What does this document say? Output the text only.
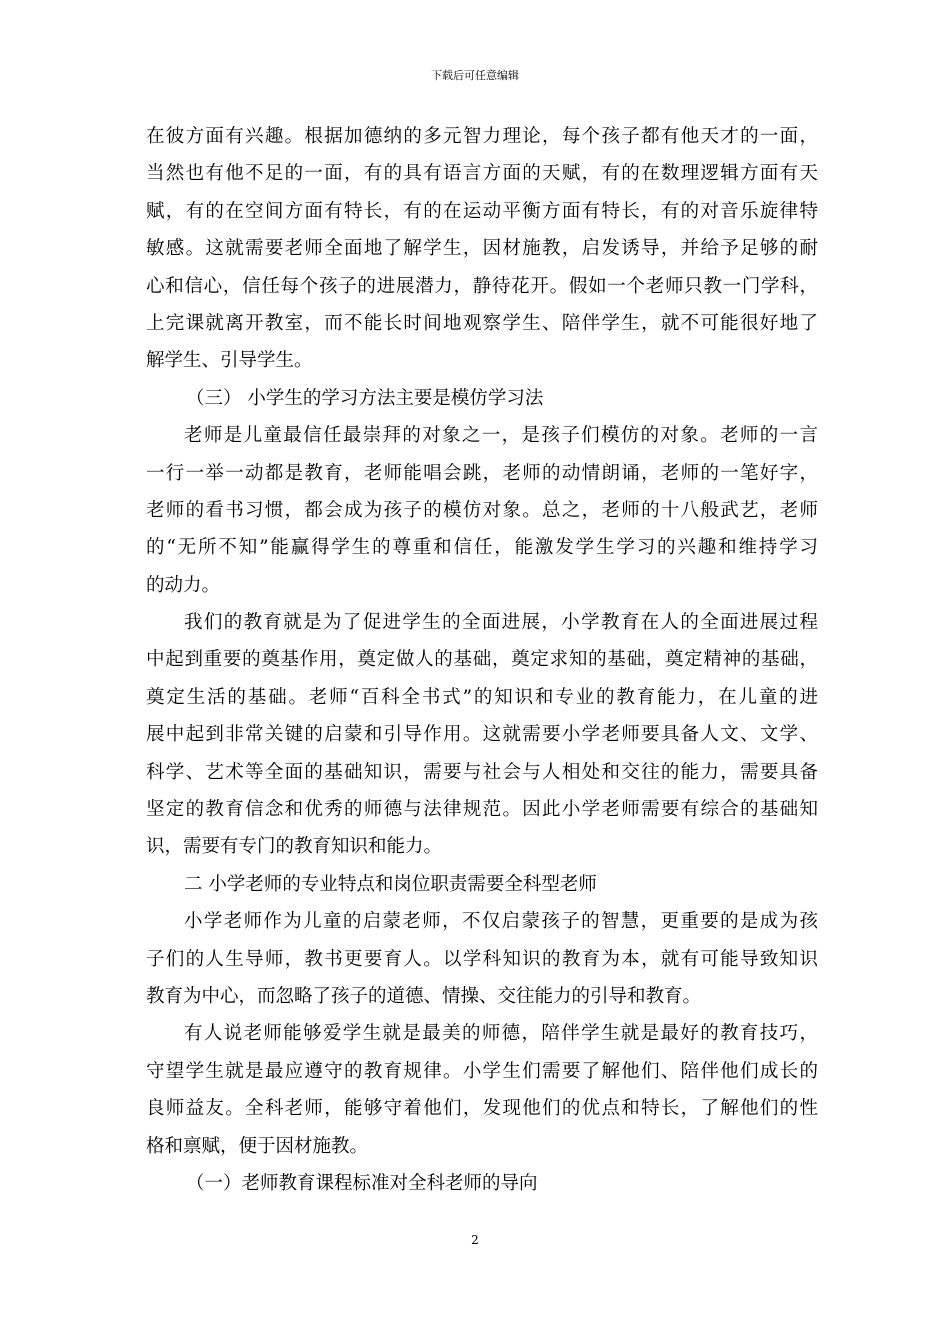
下载后可任意编辑
在彼方面有兴趣。根据加德纳的多元智力理论，每个孩子都有他天才的一面，
当然也有他不足的一面，有的具有语言方面的天赋，有的在数理逻辑方面有天
赋，有的在空间方面有特长，有的在运动平衡方面有特长，有的对音乐旋律特
敏感。这就需要老师全面地了解学生，因材施教，启发诱导，并给予足够的耐
心和信心，信任每个孩子的进展潜力，静待花开。假如一个老师只教一门学科，
上完课就离开教室，而不能长时间地观察学生、陪伴学生，就不可能很好地了
解学生、引导学生。
（三） 小学生的学习方法主要是模仿学习法
老师是儿童最信任最崇拜的对象之一，是孩子们模仿的对象。老师的一言
一行一举一动都是教育，老师能唱会跳，老师的动情朗诵，老师的一笔好字，
老师的看书习惯，都会成为孩子的模仿对象。总之，老师的十八般武艺，老师
的“无所不知”能赢得学生的尊重和信任，能激发学生学习的兴趣和维持学习
的动力。
我们的教育就是为了促进学生的全面进展，小学教育在人的全面进展过程
中起到重要的奠基作用，奠定做人的基础，奠定求知的基础，奠定精神的基础，
奠定生活的基础。老师“百科全书式”的知识和专业的教育能力，在儿童的进
展中起到非常关键的启蒙和引导作用。这就需要小学老师要具备人文、文学、
科学、艺术等全面的基础知识，需要与社会与人相处和交往的能力，需要具备
坚定的教育信念和优秀的师德与法律规范。因此小学老师需要有综合的基础知
识，需要有专门的教育知识和能力。
二 小学老师的专业特点和岗位职责需要全科型老师
小学老师作为儿童的启蒙老师，不仅启蒙孩子的智慧，更重要的是成为孩
子们的人生导师，教书更要育人。以学科知识的教育为本，就有可能导致知识
教育为中心，而忽略了孩子的道德、情操、交往能力的引导和教育。
有人说老师能够爱学生就是最美的师德，陪伴学生就是最好的教育技巧，
守望学生就是最应遵守的教育规律。小学生们需要了解他们、陪伴他们成长的
良师益友。全科老师，能够守着他们，发现他们的优点和特长，了解他们的性
格和禀赋，便于因材施教。
（一）老师教育课程标准对全科老师的导向
2
